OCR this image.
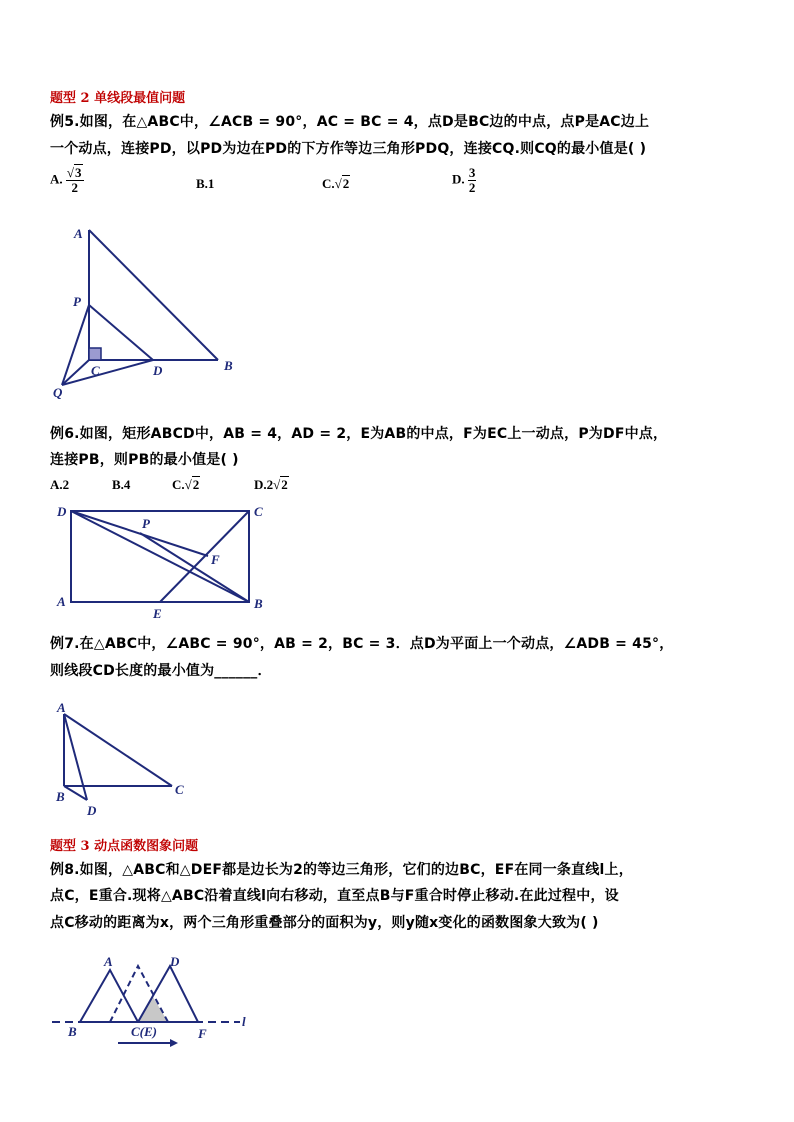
题型 2 单线段最值问题
例5.如图，在△ABC中，∠ACB = 90°，AC = BC = 4，点D是BC边的中点，点P是AC边上
一个动点，连接PD，以PD为边在PD的下方作等边三角形PDQ，连接CQ.则CQ的最小值是( )
A. $\frac{√3}{2}$	B.1	C.√2	D. $\frac{3}{2}$
A
P
C	D	B
Q
例6.如图，矩形ABCD中，AB = 4，AD = 2，E为AB的中点，F为EC上一动点，P为DF中点，
连接PB，则PB的最小值是( )
A.2	B.4	C.√2	D.2√2
D	C
P
F
A
E
B
例7.在△ABC中，∠ABC = 90°，AB = 2，BC = 3．点D为平面上一个动点，∠ADB = 45°，
则线段CD长度的最小值为______．
A
B
D
C
题型 3 动点函数图象问题
例8.如图，△ABC和△DEF都是边长为2的等边三角形，它们的边BC，EF在同一条直线l上，
点C，E重合.现将△ABC沿着直线l向右移动，直至点B与F重合时停止移动.在此过程中，设
点C移动的距离为x，两个三角形重叠部分的面积为y，则y随x变化的函数图象大致为( )
A	D
B	C(E)	F
l
